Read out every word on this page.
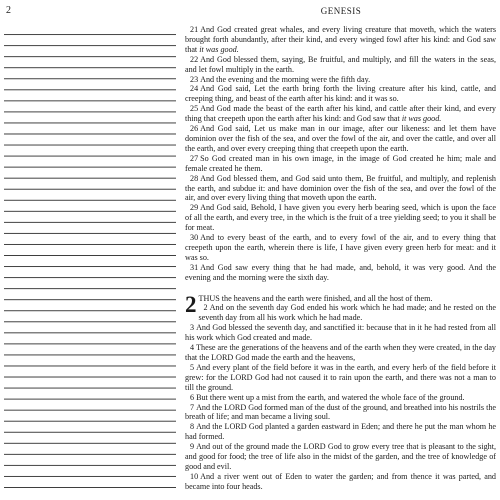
2	GENESIS

21 And God created great whales, and every living creature that moveth, which the waters brought forth abundantly, after their kind, and every winged fowl after his kind: and God saw that it was good.

22 And God blessed them, saying, Be fruitful, and multiply, and fill the waters in the seas, and let fowl multiply in the earth.

23 And the evening and the morning were the fifth day.

24 And God said, Let the earth bring forth the living creature after his kind, cattle, and creeping thing, and beast of the earth after his kind: and it was so.

25 And God made the beast of the earth after his kind, and cattle after their kind, and every thing that creepeth upon the earth after his kind: and God saw that it was good.

26 And God said, Let us make man in our image, after our likeness: and let them have dominion over the fish of the sea, and over the fowl of the air, and over the cattle, and over all the earth, and over every creeping thing that creepeth upon the earth.

27 So God created man in his own image, in the image of God created he him; male and female created he them.

28 And God blessed them, and God said unto them, Be fruitful, and multiply, and replenish the earth, and subdue it: and have dominion over the fish of the sea, and over the fowl of the air, and over every living thing that moveth upon the earth.

29 And God said, Behold, I have given you every herb bearing seed, which is upon the face of all the earth, and every tree, in the which is the fruit of a tree yielding seed; to you it shall be for meat.

30 And to every beast of the earth, and to every fowl of the air, and to every thing that creepeth upon the earth, wherein there is life, I have given every green herb for meat: and it was so.

31 And God saw every thing that he had made, and, behold, it was very good. And the evening and the morning were the sixth day.

2 THUS the heavens and the earth were finished, and all the host of them.

2 And on the seventh day God ended his work which he had made; and he rested on the seventh day from all his work which he had made.

3 And God blessed the seventh day, and sanctified it: because that in it he had rested from all his work which God created and made.

4 These are the generations of the heavens and of the earth when they were created, in the day that the LORD God made the earth and the heavens,

5 And every plant of the field before it was in the earth, and every herb of the field before it grew: for the LORD God had not caused it to rain upon the earth, and there was not a man to till the ground.

6 But there went up a mist from the earth, and watered the whole face of the ground.

7 And the LORD God formed man of the dust of the ground, and breathed into his nostrils the breath of life; and man became a living soul.

8 And the LORD God planted a garden eastward in Eden; and there he put the man whom he had formed.

9 And out of the ground made the LORD God to grow every tree that is pleasant to the sight, and good for food; the tree of life also in the midst of the garden, and the tree of knowledge of good and evil.

10 And a river went out of Eden to water the garden; and from thence it was parted, and became into four heads.
